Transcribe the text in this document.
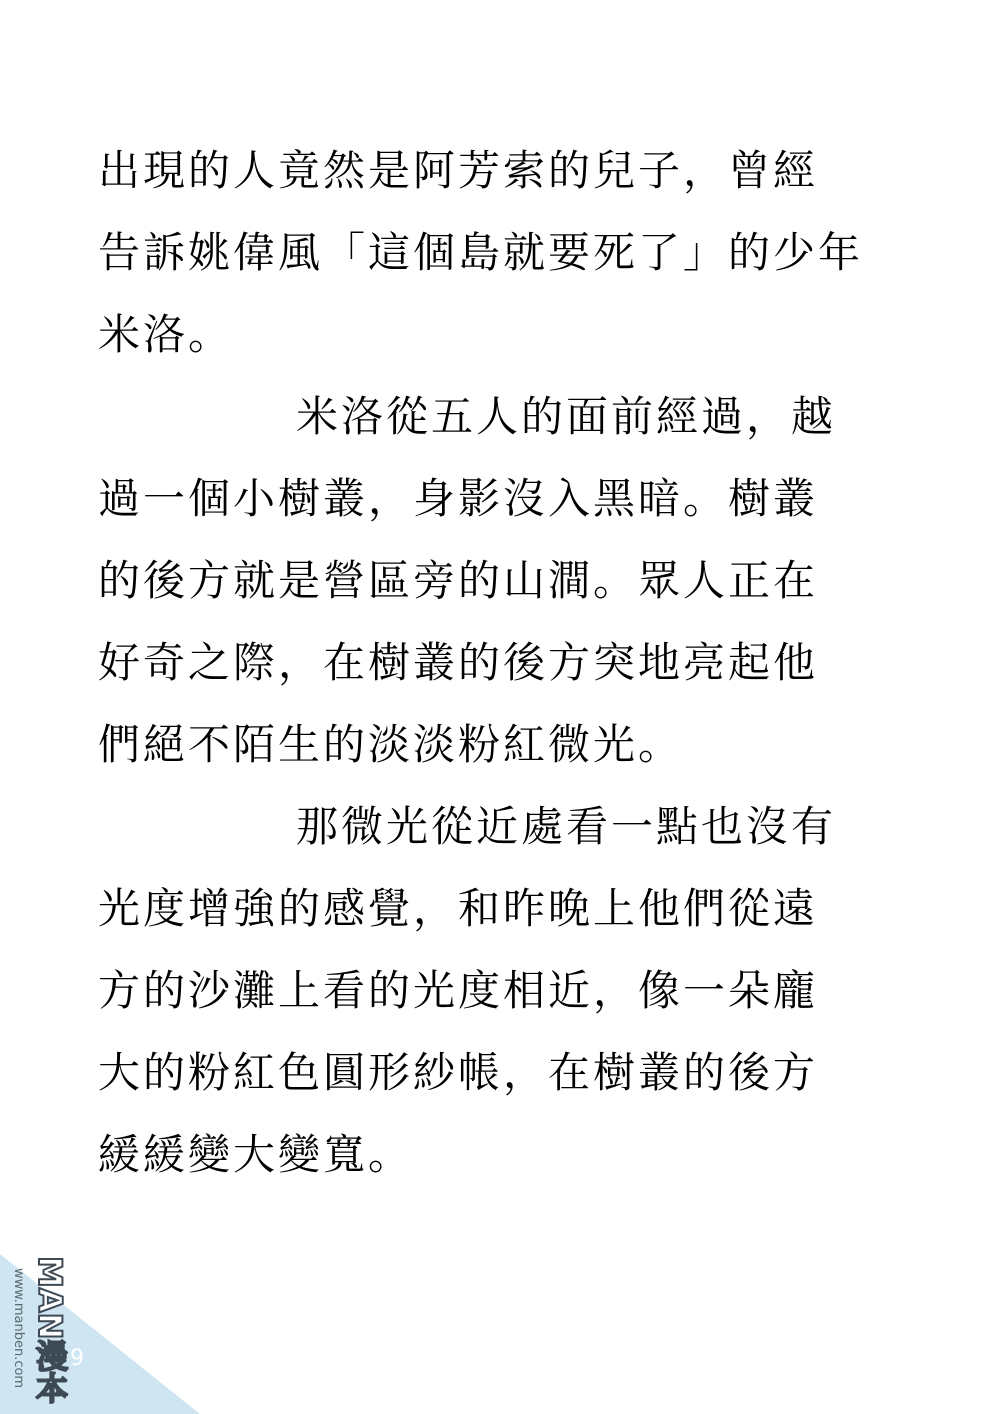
出現的人竟然是阿芳索的兒子，曾經
告訴姚偉風「這個島就要死了」的少年
米洛。
米洛從五人的面前經過，越
過一個小樹叢，身影沒入黑暗。樹叢
的後方就是營區旁的山澗。眾人正在
好奇之際，在樹叢的後方突地亮起他
們絕不陌生的淡淡粉紅微光。
那微光從近處看一點也沒有
光度增強的感覺，和昨晚上他們從遠
方的沙灘上看的光度相近，像一朵龐
大的粉紅色圓形紗帳，在樹叢的後方
緩緩變大變寬。
9
www.manben.com MAN漫本
